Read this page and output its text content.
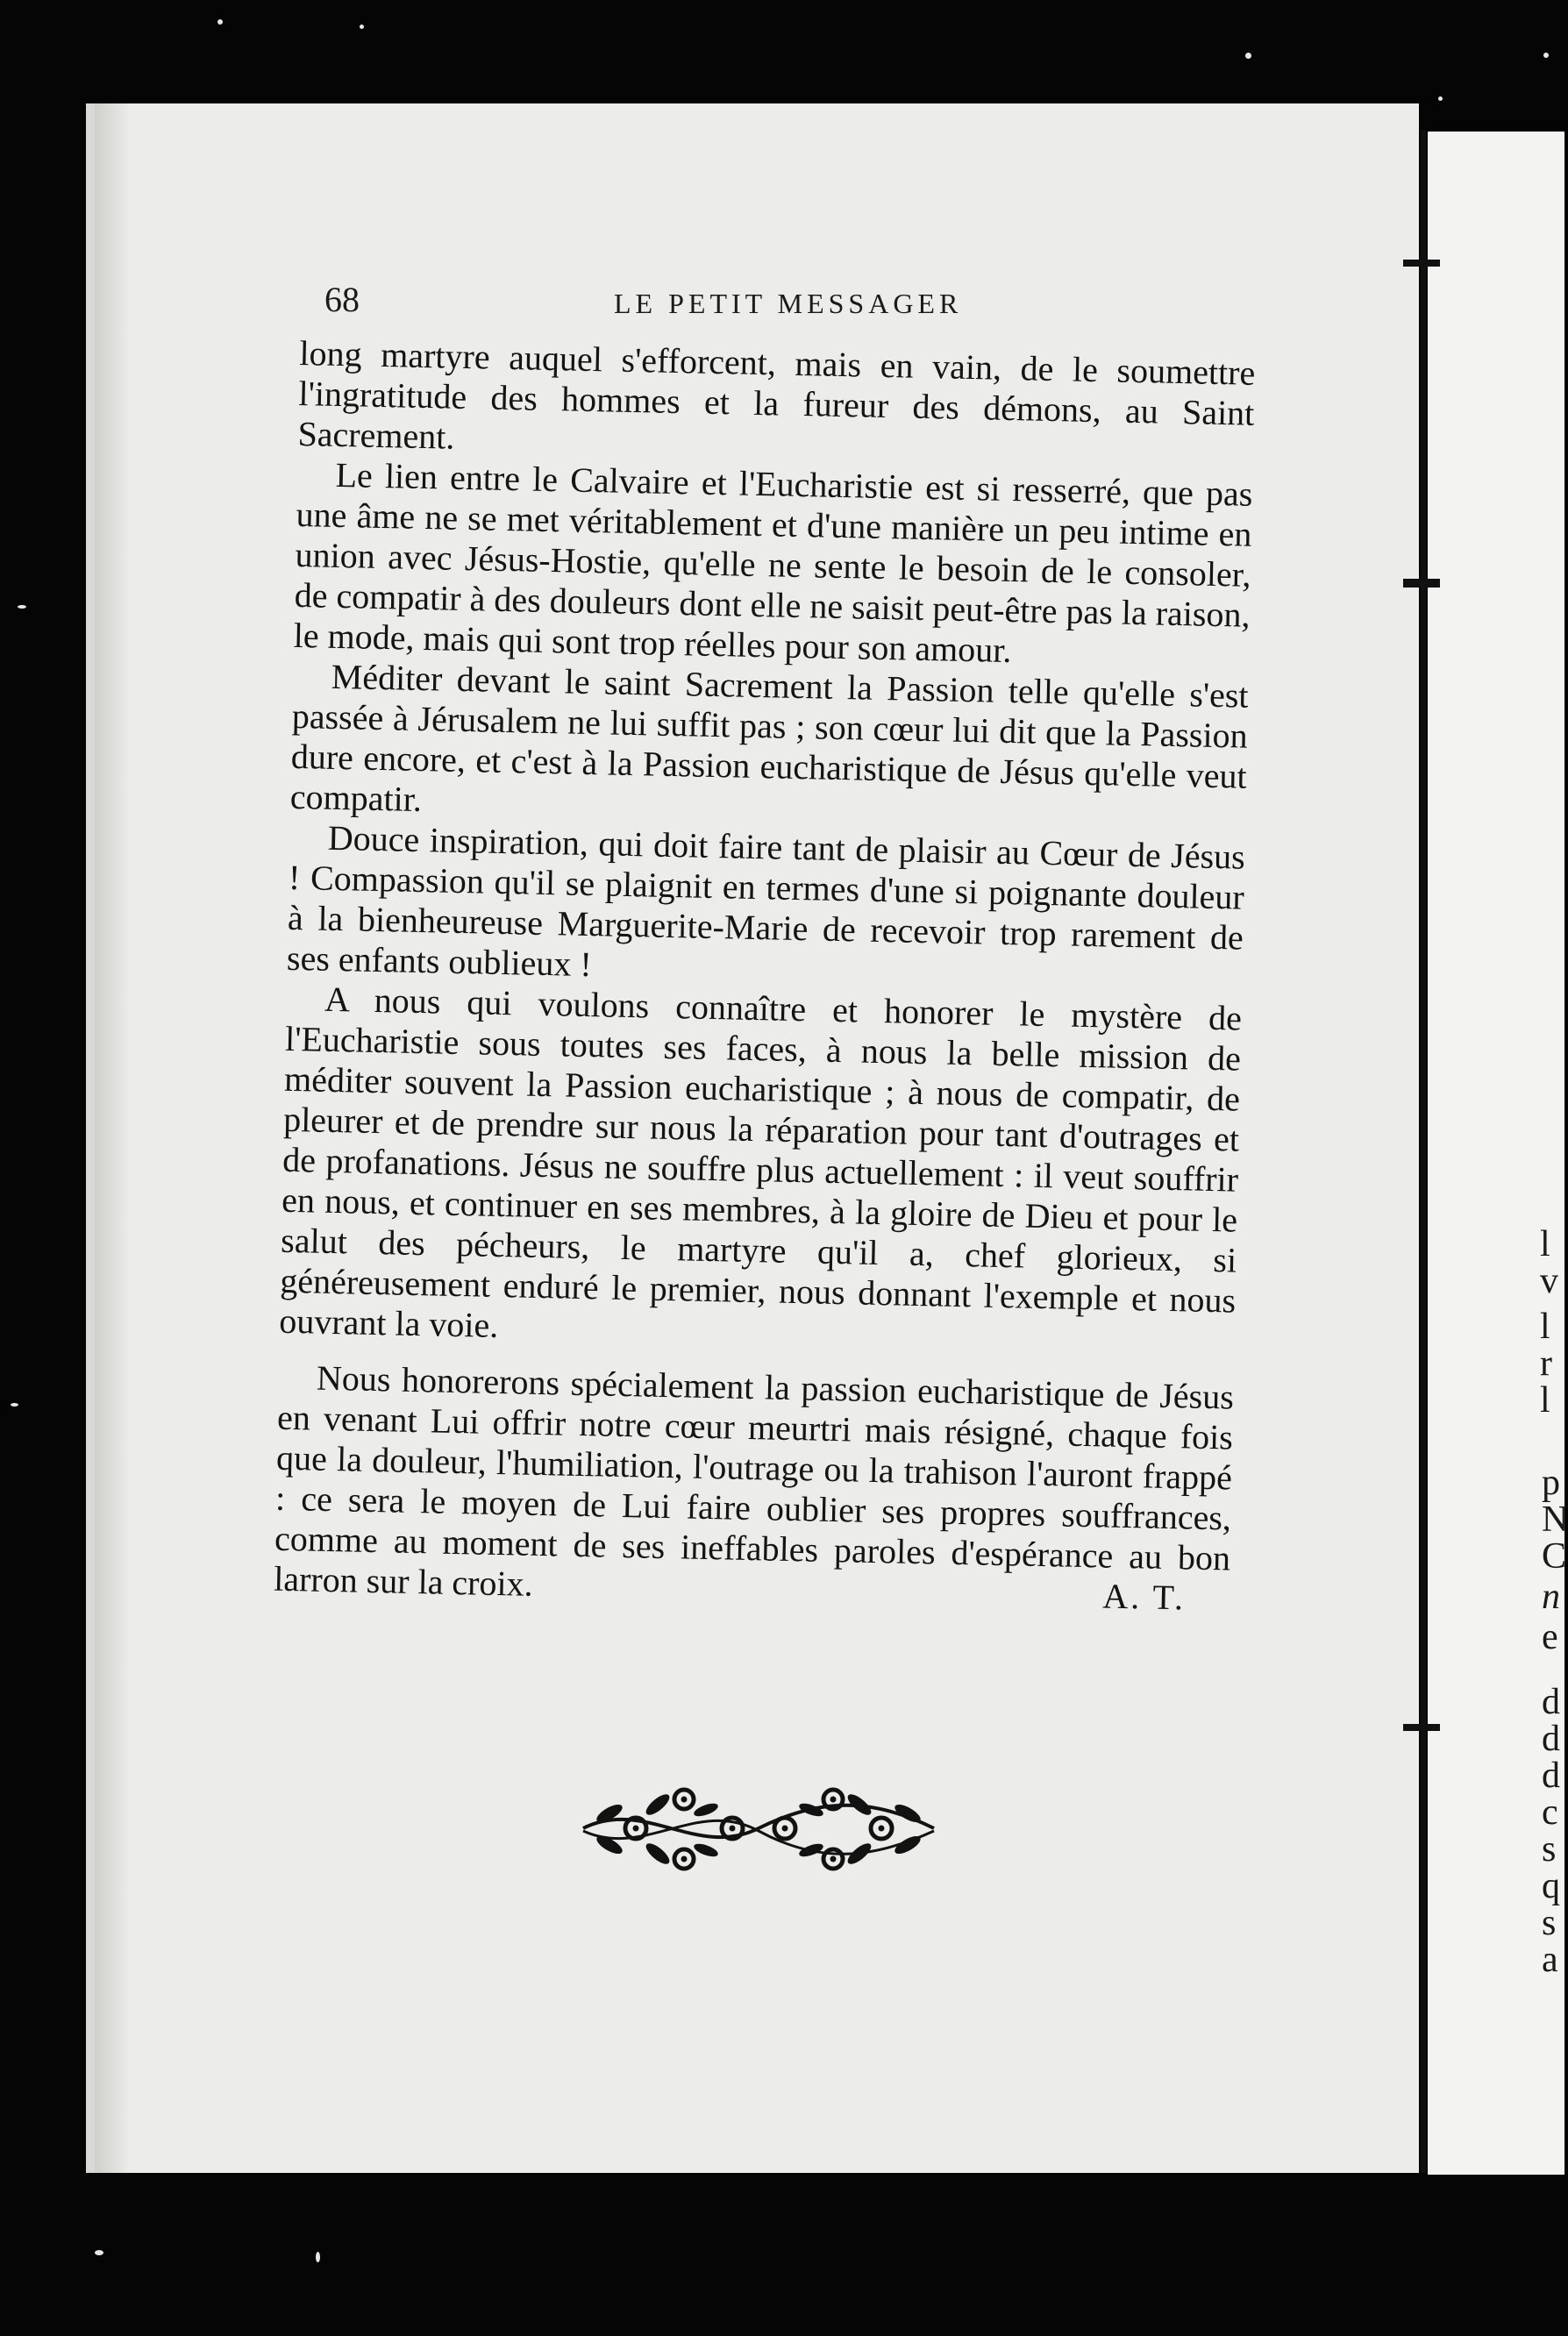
68	LE PETIT MESSAGER

long martyre auquel s'efforcent, mais en vain, de le soumettre l'ingratitude des hommes et la fureur des démons, au Saint Sacrement.

Le lien entre le Calvaire et l'Eucharistie est si resserré, que pas une âme ne se met véritablement et d'une manière un peu intime en union avec Jésus-Hostie, qu'elle ne sente le besoin de le consoler, de compatir à des douleurs dont elle ne saisit peut-être pas la raison, le mode, mais qui sont trop réelles pour son amour.

Méditer devant le saint Sacrement la Passion telle qu'elle s'est passée à Jérusalem ne lui suffit pas ; son cœur lui dit que la Passion dure encore, et c'est à la Passion eucharistique de Jésus qu'elle veut compatir.

Douce inspiration, qui doit faire tant de plaisir au Cœur de Jésus ! Compassion qu'il se plaignit en termes d'une si poignante douleur à la bienheureuse Marguerite-Marie de recevoir trop rarement de ses enfants oublieux !

A nous qui voulons connaître et honorer le mystère de l'Eucharistie sous toutes ses faces, à nous la belle mission de méditer souvent la Passion eucharistique ; à nous de compatir, de pleurer et de prendre sur nous la réparation pour tant d'outrages et de profanations. Jésus ne souffre plus actuellement : il veut souffrir en nous, et continuer en ses membres, à la gloire de Dieu et pour le salut des pécheurs, le martyre qu'il a, chef glorieux, si généreusement enduré le premier, nous donnant l'exemple et nous ouvrant la voie.

Nous honorerons spécialement la passion eucharistique de Jésus en venant Lui offrir notre cœur meurtri mais résigné, chaque fois que la douleur, l'humiliation, l'outrage ou la trahison l'auront frappé : ce sera le moyen de Lui faire oublier ses propres souffrances, comme au moment de ses ineffables paroles d'espérance au bon larron sur la croix.	A. T.
l
v
l
r
l
p
N
C
n
e
d
d
d
c
s
q
s
a
